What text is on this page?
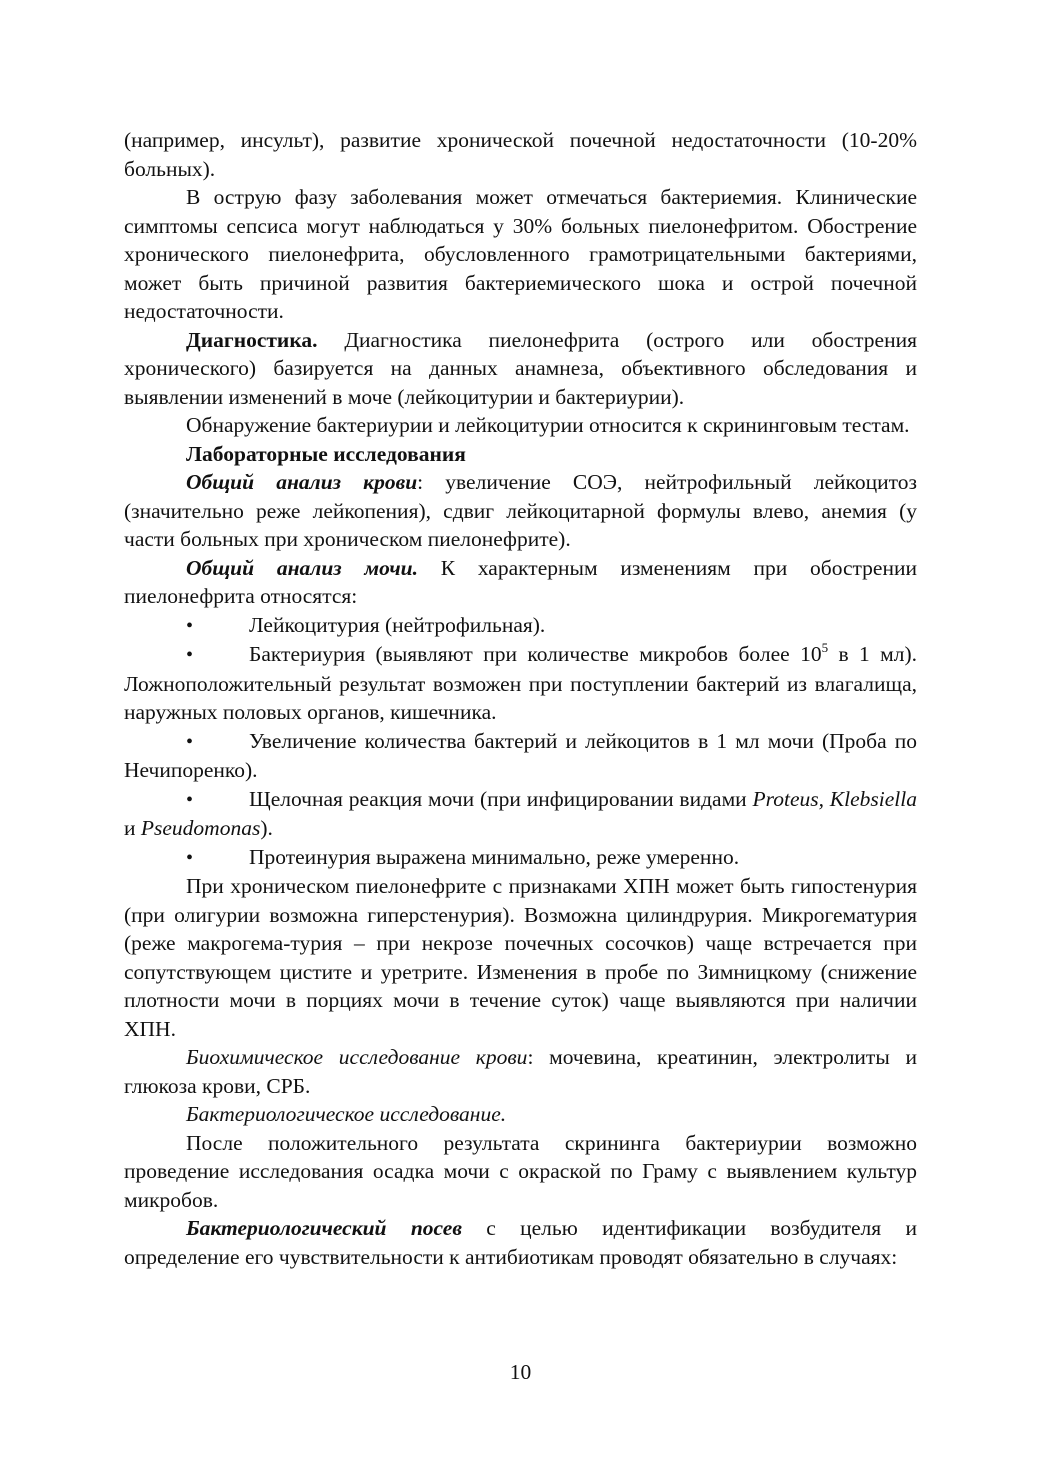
(например, инсульт), развитие хронической почечной недостаточности (10-20% больных).

В острую фазу заболевания может отмечаться бактериемия. Клинические симптомы сепсиса могут наблюдаться у 30% больных пиелонефритом. Обострение хронического пиелонефрита, обусловленного грамотрицательными бактериями, может быть причиной развития бактериемического шока и острой почечной недостаточности.

Диагностика. Диагностика пиелонефрита (острого или обострения хронического) базируется на данных анамнеза, объективного обследования и выявлении изменений в моче (лейкоцитурии и бактериурии).

Обнаружение бактериурии и лейкоцитурии относится к скрининговым тестам.

Лабораторные исследования

Общий анализ крови: увеличение СОЭ, нейтрофильный лейкоцитоз (значительно реже лейкопения), сдвиг лейкоцитарной формулы влево, анемия (у части больных при хроническом пиелонефрите).

Общий анализ мочи. К характерным изменениям при обострении пиелонефрита относятся:

•Лейкоцитурия (нейтрофильная).

•Бактериурия (выявляют при количестве микробов более $10^5$ в 1 мл). Ложноположительный результат возможен при поступлении бактерий из влагалища, наружных половых органов, кишечника.

•Увеличение количества бактерий и лейкоцитов в 1 мл мочи (Проба по Нечипоренко).

•Щелочная реакция мочи (при инфицировании видами Proteus, Klebsiella и Pseudomonas).

•Протеинурия выражена минимально, реже умеренно.

При хроническом пиелонефрите с признаками ХПН может быть гипостенурия (при олигурии возможна гиперстенурия). Возможна цилиндрурия. Микрогематурия (реже макрогема-турия – при некрозе почечных сосочков) чаще встречается при сопутствующем цистите и уретрите. Изменения в пробе по Зимницкому (снижение плотности мочи в порциях мочи в течение суток) чаще выявляются при наличии ХПН.

Биохимическое исследование крови: мочевина, креатинин, электролиты и глюкоза крови, СРБ.

Бактериологическое исследование.

После положительного результата скрининга бактериурии возможно проведение исследования осадка мочи с окраской по Граму с выявлением культур микробов.

Бактериологический посев с целью идентификации возбудителя и определение его чувствительности к антибиотикам проводят обязательно в случаях:

10
